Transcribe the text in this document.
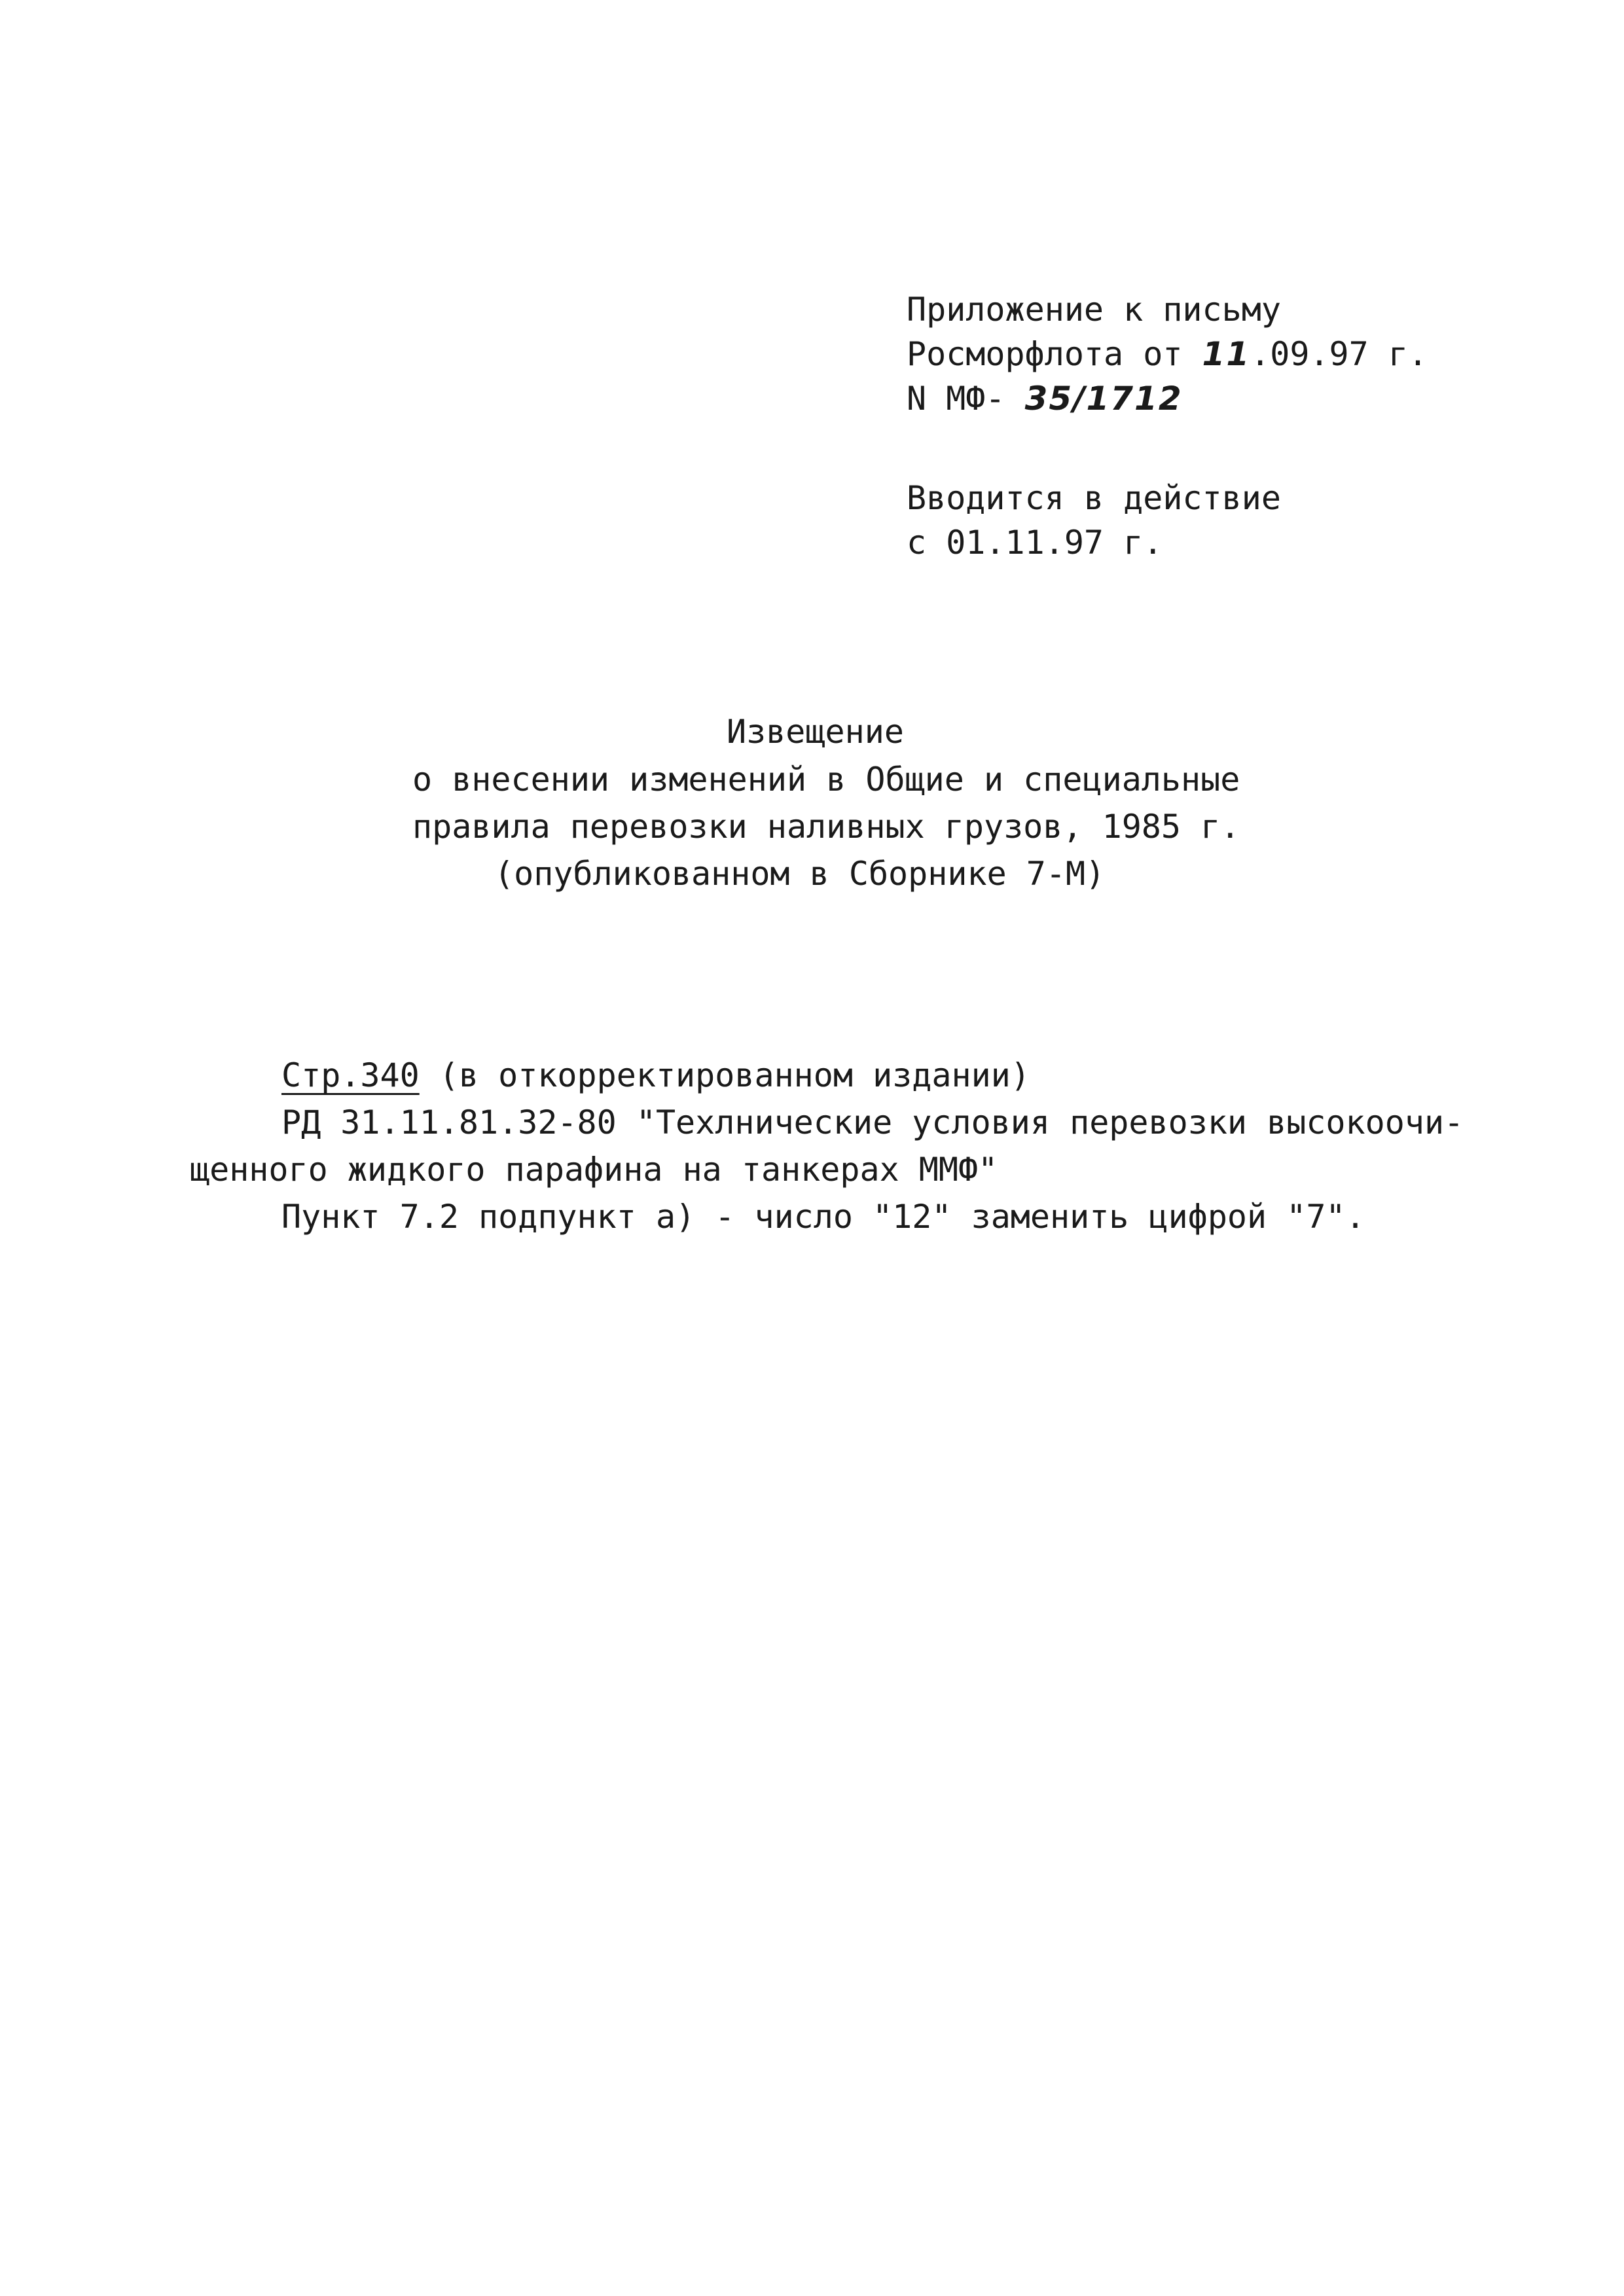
Приложение к письму
Росморфлота от 11.09.97 г.
N МФ- 35/1712
Вводится в действие
с 01.11.97 г.
Извещение
о внесении изменений в Общие и специальные
правила перевозки наливных грузов, 1985 г.
(опубликованном в Сборнике 7-М)
Стр.340 (в откорректированном издании)
РД 31.11.81.32-80 "Техлнические условия перевозки высокоочи-
щенного жидкого парафина на танкерах ММФ"
Пункт 7.2 подпункт а) - число "12" заменить цифрой "7".
